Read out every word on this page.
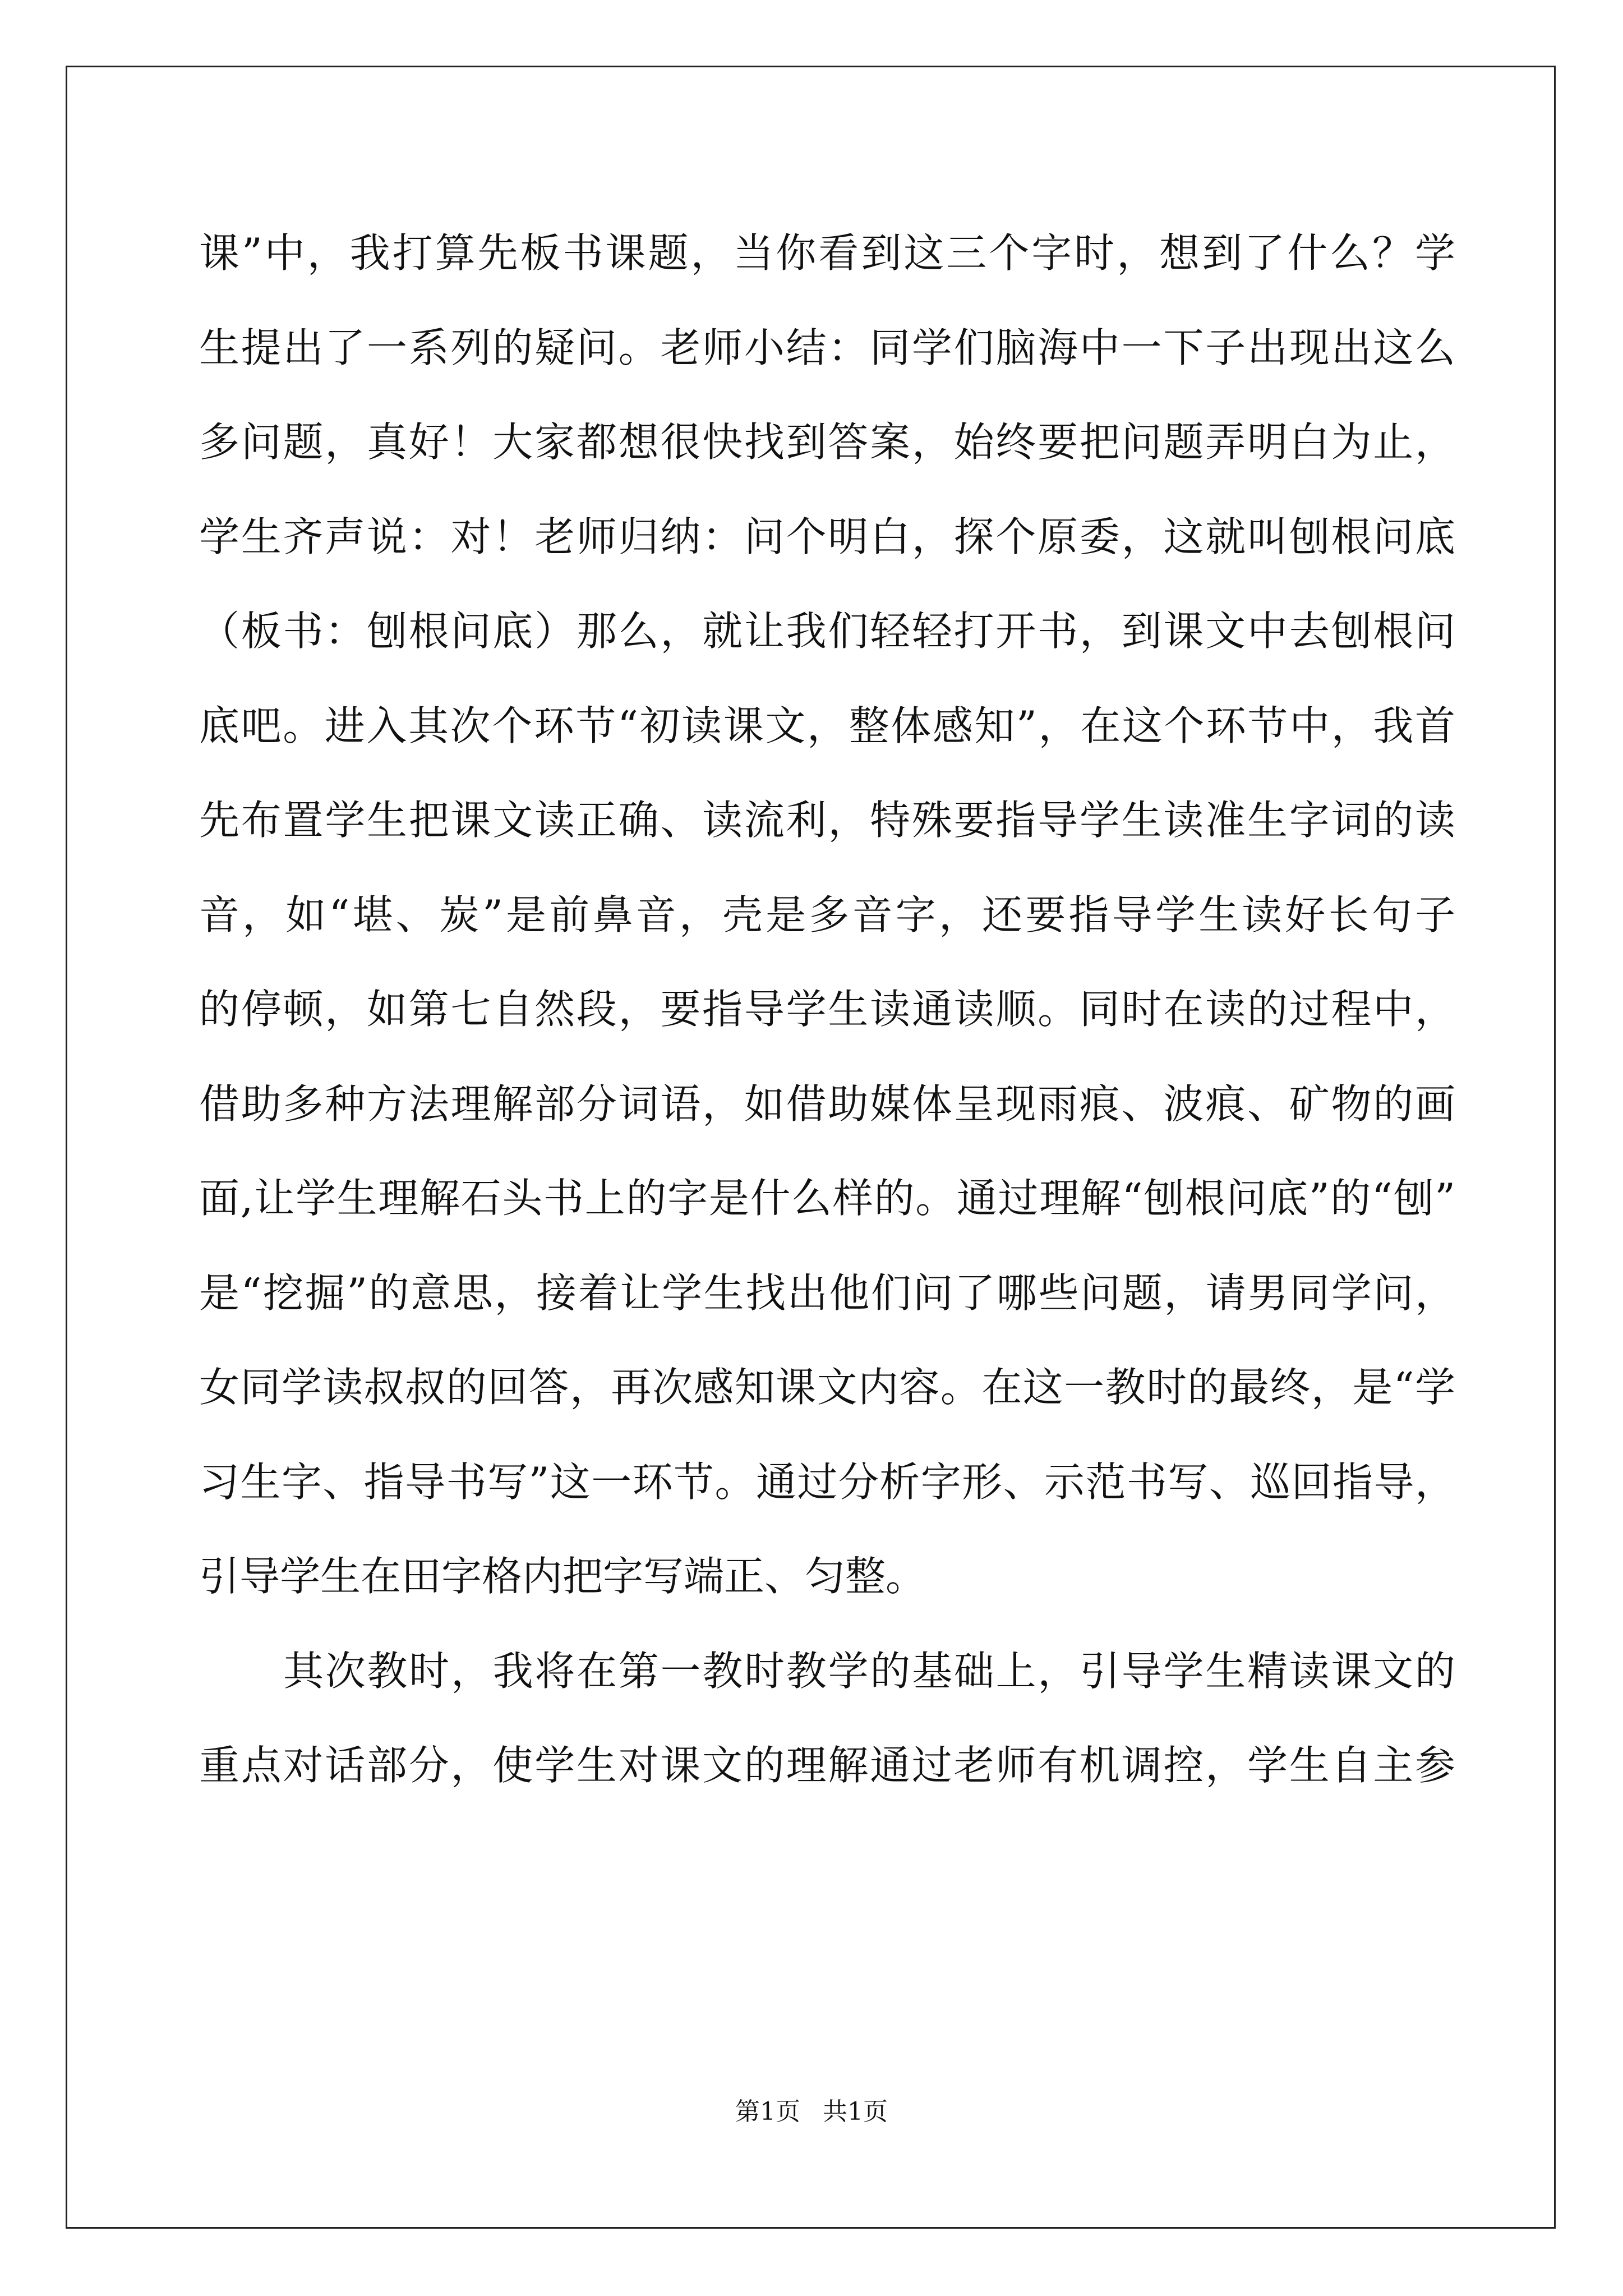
课”中，我打算先板书课题，当你看到这三个字时，想到了什么？学
生提出了一系列的疑问。老师小结：同学们脑海中一下子出现出这么
多问题，真好！大家都想很快找到答案，始终要把问题弄明白为止，
学生齐声说：对！老师归纳：问个明白，探个原委，这就叫刨根问底
（板书：刨根问底）那么，就让我们轻轻打开书，到课文中去刨根问
底吧。进入其次个环节“初读课文，整体感知”，在这个环节中，我首
先布置学生把课文读正确、读流利，特殊要指导学生读准生字词的读
音，如“堪、炭”是前鼻音，壳是多音字，还要指导学生读好长句子
的停顿，如第七自然段，要指导学生读通读顺。同时在读的过程中，
借助多种方法理解部分词语，如借助媒体呈现雨痕、波痕、矿物的画
面,让学生理解石头书上的字是什么样的。通过理解“刨根问底”的“刨”
是“挖掘”的意思，接着让学生找出他们问了哪些问题，请男同学问，
女同学读叔叔的回答，再次感知课文内容。在这一教时的最终，是“学
习生字、指导书写”这一环节。通过分析字形、示范书写、巡回指导，
引导学生在田字格内把字写端正、匀整。
其次教时，我将在第一教时教学的基础上，引导学生精读课文的
重点对话部分，使学生对课文的理解通过老师有机调控，学生自主参
第1页 共1页
